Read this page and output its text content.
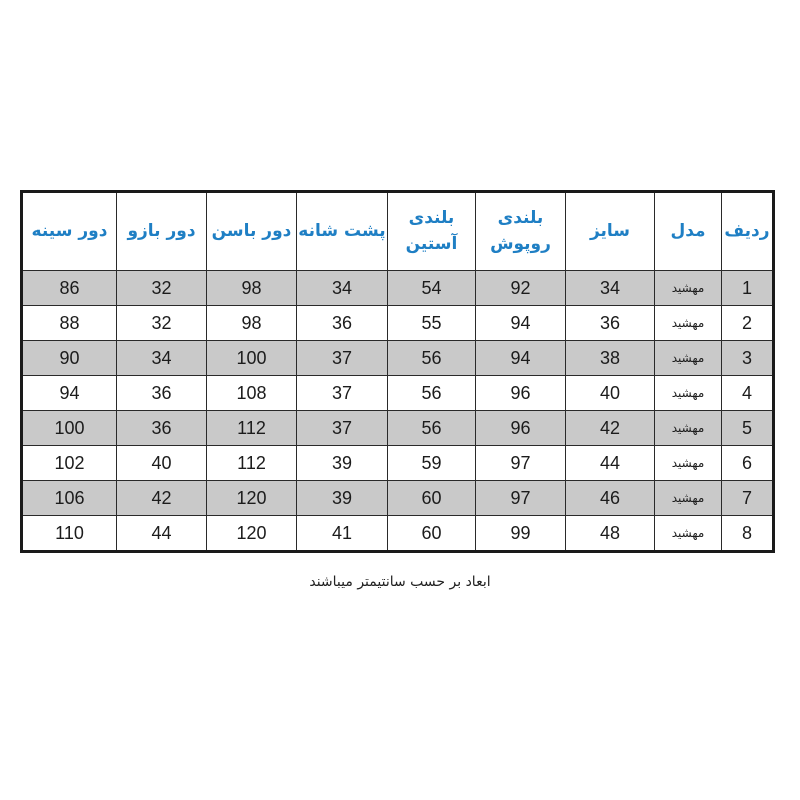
ردیف	مدل	سایز	بلندی روپوش	بلندی آستین	پشت شانه	دور باسن	دور بازو	دور سینه
1	مهشید	34	92	54	34	98	32	86
2	مهشید	36	94	55	36	98	32	88
3	مهشید	38	94	56	37	100	34	90
4	مهشید	40	96	56	37	108	36	94
5	مهشید	42	96	56	37	112	36	100
6	مهشید	44	97	59	39	112	40	102
7	مهشید	46	97	60	39	120	42	106
8	مهشید	48	99	60	41	120	44	110
ابعاد بر حسب سانتیمتر میباشند
